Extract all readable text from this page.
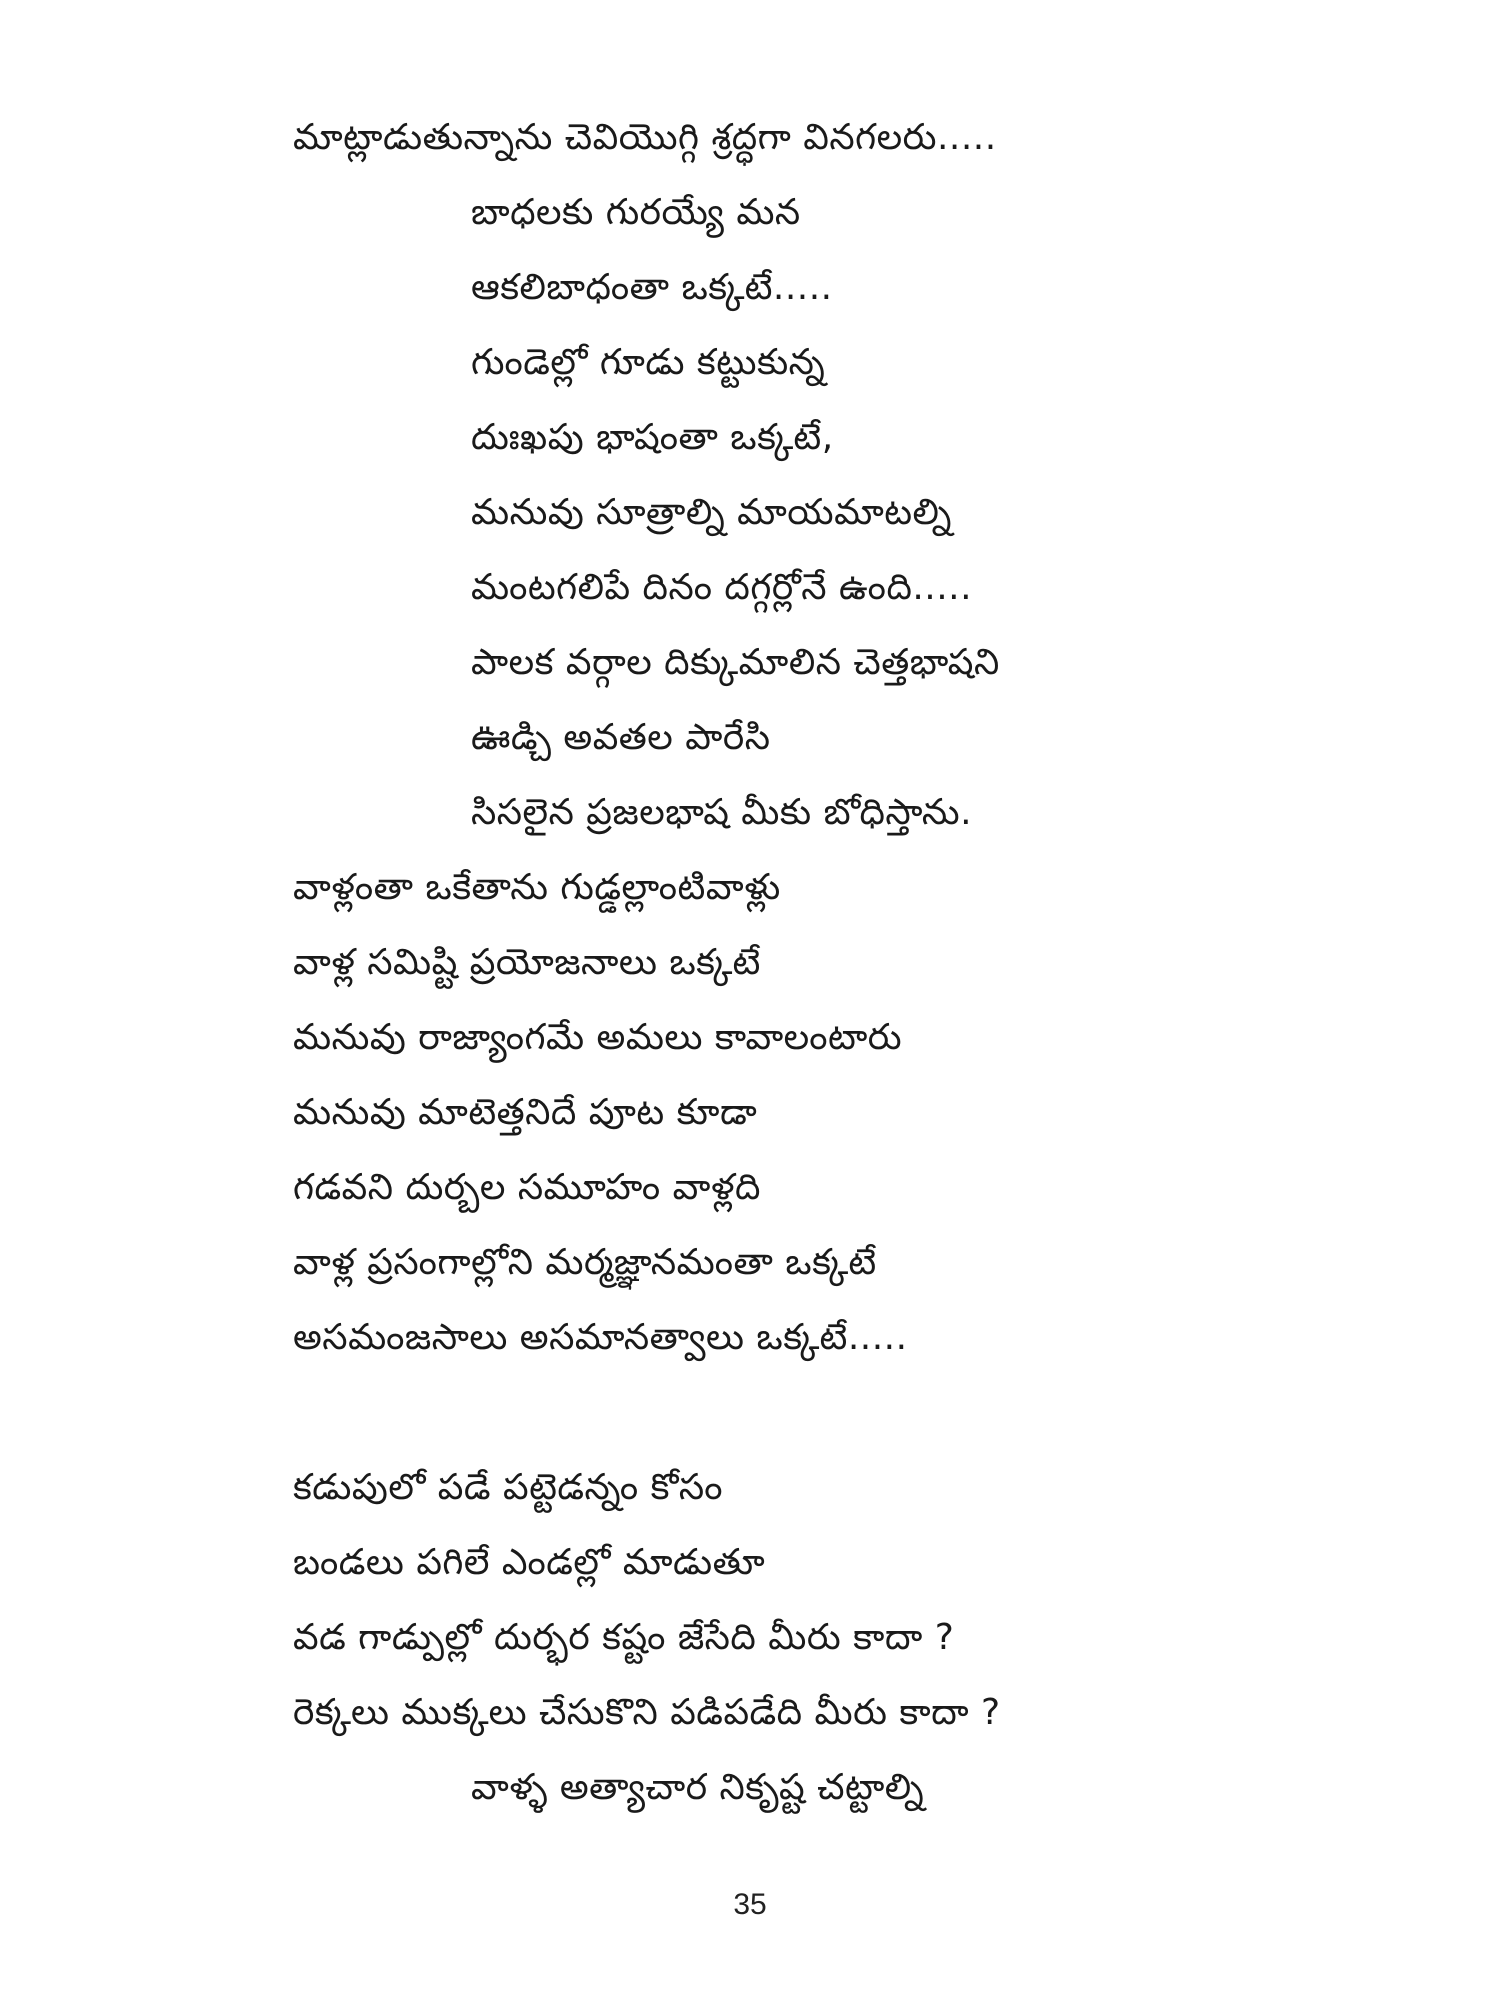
మాట్లాడుతున్నాను చెవియొగ్గి శ్రద్ధగా వినగలరు.....
బాధలకు గురయ్యే మన
ఆకలిబాధంతా ఒక్కటే.....
గుండెల్లో గూడు కట్టుకున్న
దుఃఖపు భాషంతా ఒక్కటే,
మనువు సూత్రాల్ని మాయమాటల్ని
మంటగలిపే దినం దగ్గర్లోనే ఉంది.....
పాలక వర్గాల దిక్కుమాలిన చెత్తభాషని
ఊడ్చి అవతల పారేసి
సిసలైన ప్రజలభాష మీకు బోధిస్తాను.
వాళ్లంతా ఒకేతాను గుడ్డల్లాంటివాళ్లు
వాళ్ల సమిష్టి ప్రయోజనాలు ఒక్కటే
మనువు రాజ్యాంగమే అమలు కావాలంటారు
మనువు మాటెత్తనిదే పూట కూడా
గడవని దుర్బల సమూహం వాళ్లది
వాళ్ల ప్రసంగాల్లోని మర్మజ్ఞానమంతా ఒక్కటే
అసమంజసాలు అసమానత్వాలు ఒక్కటే.....
కడుపులో పడే పట్టెడన్నం కోసం
బండలు పగిలే ఎండల్లో మాడుతూ
వడ గాడ్పుల్లో దుర్భర కష్టం జేసేది మీరు కాదా ?
రెక్కలు ముక్కలు చేసుకొని పడిపడేది మీరు కాదా ?
వాళ్ళ అత్యాచార నికృష్ట చట్టాల్ని
35
